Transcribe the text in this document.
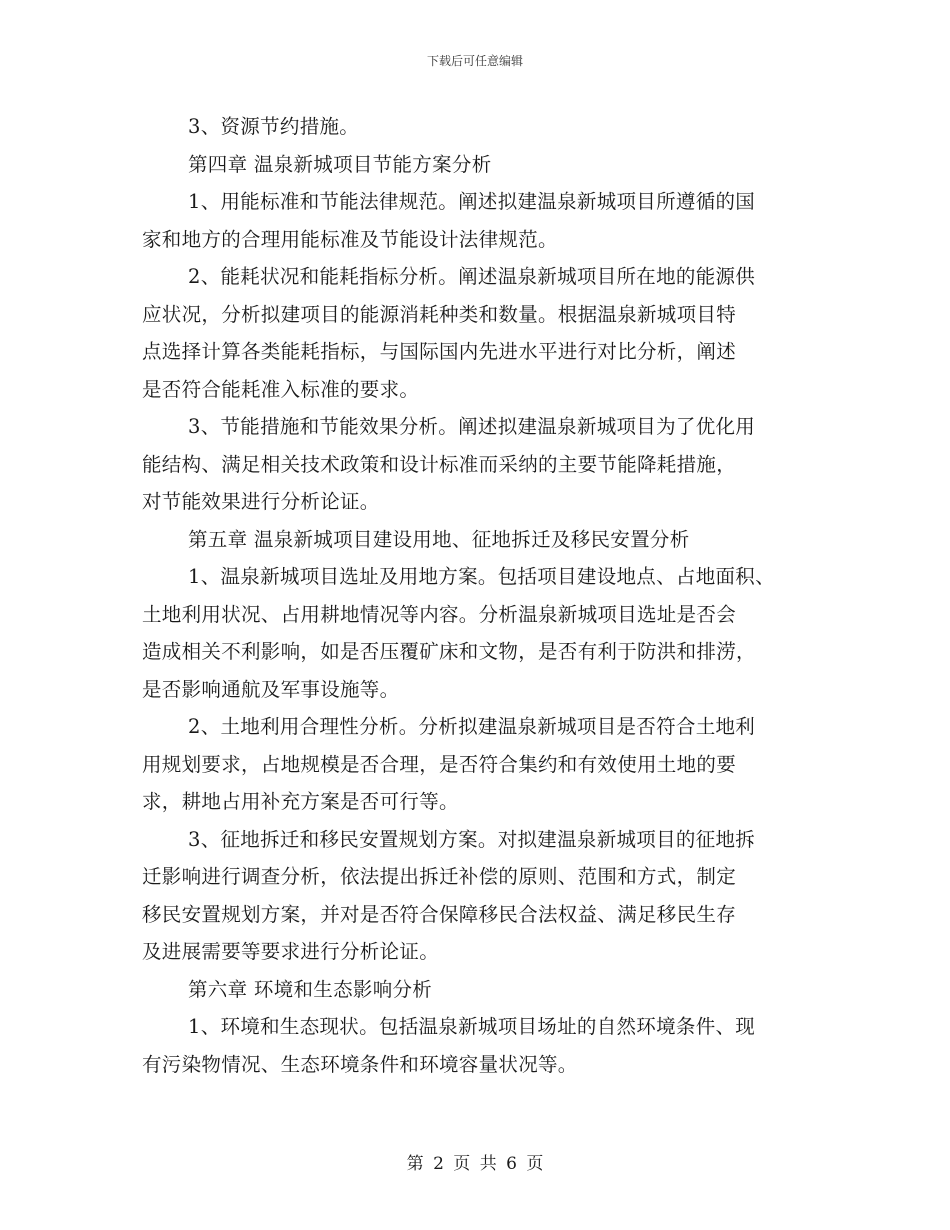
下载后可任意编辑
3、资源节约措施。
第四章 温泉新城项目节能方案分析
1、用能标准和节能法律规范。阐述拟建温泉新城项目所遵循的国
家和地方的合理用能标准及节能设计法律规范。
2、能耗状况和能耗指标分析。阐述温泉新城项目所在地的能源供
应状况，分析拟建项目的能源消耗种类和数量。根据温泉新城项目特
点选择计算各类能耗指标，与国际国内先进水平进行对比分析，阐述
是否符合能耗准入标准的要求。
3、节能措施和节能效果分析。阐述拟建温泉新城项目为了优化用
能结构、满足相关技术政策和设计标准而采纳的主要节能降耗措施，
对节能效果进行分析论证。
第五章 温泉新城项目建设用地、征地拆迁及移民安置分析
1、温泉新城项目选址及用地方案。包括项目建设地点、占地面积、
土地利用状况、占用耕地情况等内容。分析温泉新城项目选址是否会
造成相关不利影响，如是否压覆矿床和文物，是否有利于防洪和排涝，
是否影响通航及军事设施等。
2、土地利用合理性分析。分析拟建温泉新城项目是否符合土地利
用规划要求，占地规模是否合理，是否符合集约和有效使用土地的要
求，耕地占用补充方案是否可行等。
3、征地拆迁和移民安置规划方案。对拟建温泉新城项目的征地拆
迁影响进行调查分析，依法提出拆迁补偿的原则、范围和方式，制定
移民安置规划方案，并对是否符合保障移民合法权益、满足移民生存
及进展需要等要求进行分析论证。
第六章 环境和生态影响分析
1、环境和生态现状。包括温泉新城项目场址的自然环境条件、现
有污染物情况、生态环境条件和环境容量状况等。
第 2 页 共 6 页
